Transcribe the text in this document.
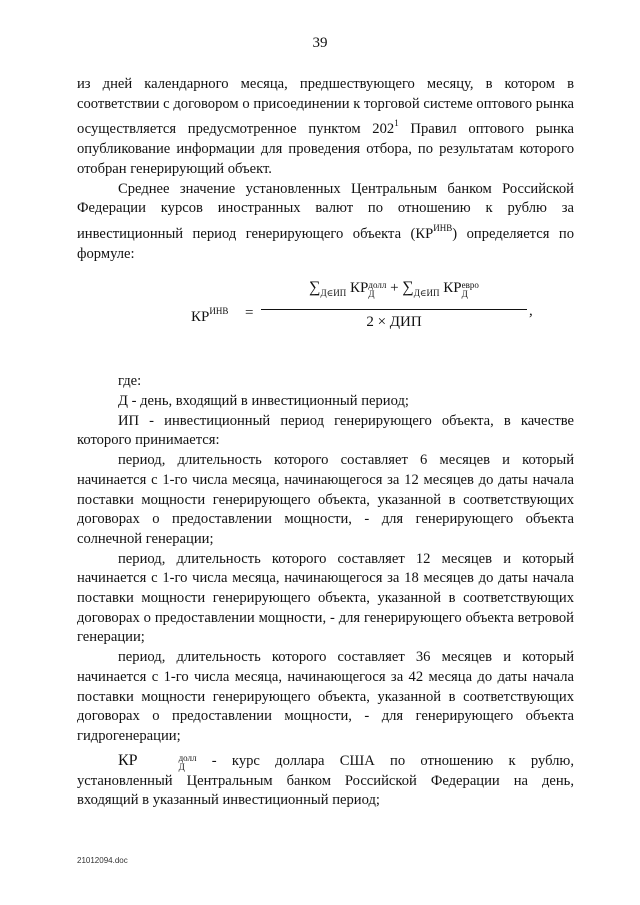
39

из дней календарного месяца, предшествующего месяцу, в котором в соответствии с договором о присоединении к торговой системе оптового рынка осуществляется предусмотренное пунктом $202^1$ Правил оптового рынка опубликование информации для проведения отбора, по результатам которого отобран генерирующий объект.

Среднее значение установленных Центральным банком Российской Федерации курсов иностранных валют по отношению к рублю за инвестиционный период генерирующего объекта $(КР^{ИНВ})$ определяется по формуле:

$КР^{ИНВ}$ =
$\sum_{Д\in ИП}$ КР долл
Д	+ $\sum_{Д\in ИП}$ КР евро
Д
2 × ДИП
,

где:

Д - день, входящий в инвестиционный период;

ИП - инвестиционный период генерирующего объекта, в качестве которого принимается:

период, длительность которого составляет 6 месяцев и который начинается с 1-го числа месяца, начинающегося за 12 месяцев до даты начала поставки мощности генерирующего объекта, указанной в соответствующих договорах о предоставлении мощности, - для генерирующего объекта солнечной генерации;

период, длительность которого составляет 12 месяцев и который начинается с 1-го числа месяца, начинающегося за 18 месяцев до даты начала поставки мощности генерирующего объекта, указанной в соответствующих договорах о предоставлении мощности, - для генерирующего объекта ветровой генерации;

период, длительность которого составляет 36 месяцев и который начинается с 1-го числа месяца, начинающегося за 42 месяца до даты начала поставки мощности генерирующего объекта, указанной в соответствующих договорах о предоставлении мощности, - для генерирующего объекта гидрогенерации;

КР	долл
Д - курс доллара США по отношению к рублю, установленный Центральным банком Российской Федерации на день, входящий в указанный инвестиционный период;

21012094.doc
